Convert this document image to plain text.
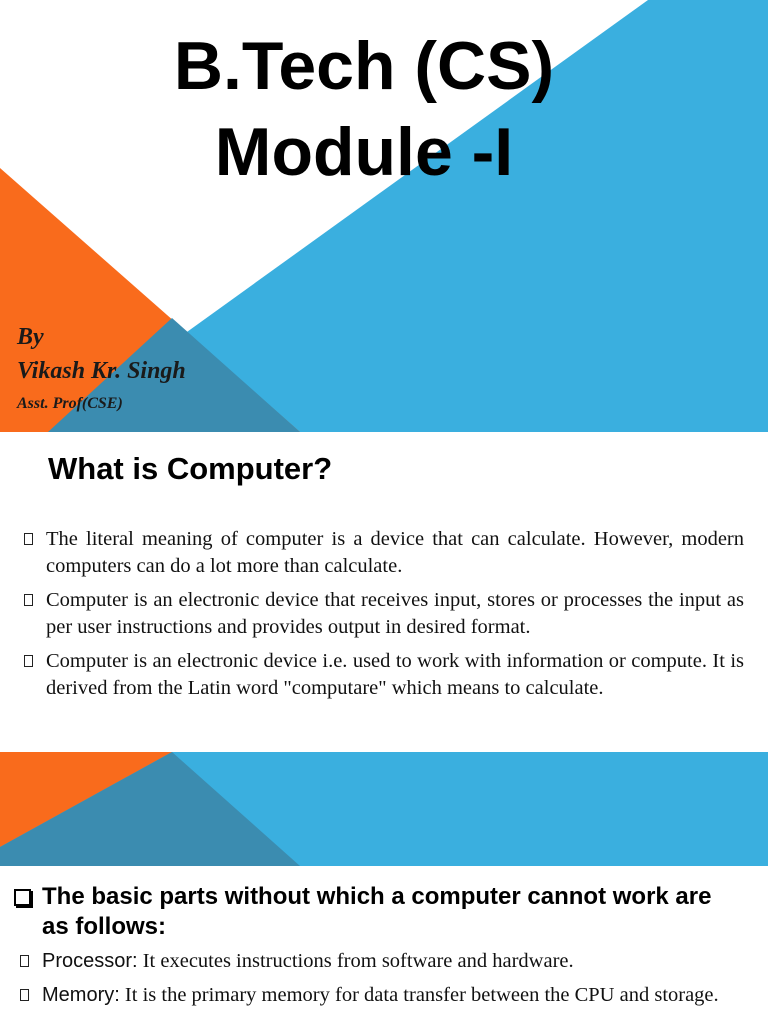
B.Tech (CS)
Module -I
By
Vikash Kr. Singh
Asst. Prof(CSE)
What is Computer?
The literal meaning of computer is a device that can calculate. However, modern computers can do a lot more than calculate.
Computer is an electronic device that receives input, stores or processes the input as per user instructions and provides output in desired format.
Computer is an electronic device i.e. used to work with information or compute. It is derived from the Latin word "computare" which means to calculate.
The basic parts without which a computer cannot work are as follows:
Processor: It executes instructions from software and hardware.
Memory: It is the primary memory for data transfer between the CPU and storage.
